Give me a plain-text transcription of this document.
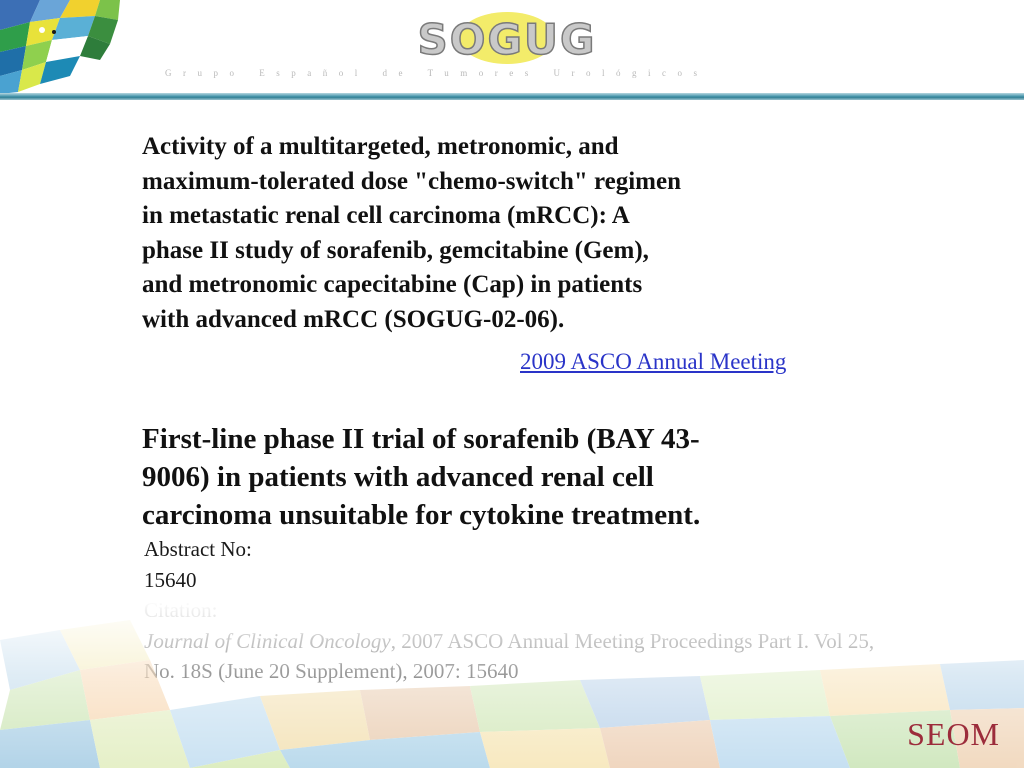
SOGUG
Grupo Español de Tumores Urológicos
Activity of a multitargeted, metronomic, and
maximum-tolerated dose "chemo-switch" regimen
in metastatic renal cell carcinoma (mRCC): A
phase II study of sorafenib, gemcitabine (Gem),
and metronomic capecitabine (Cap) in patients
with advanced mRCC (SOGUG-02-06).
2009 ASCO Annual Meeting
First-line phase II trial of sorafenib (BAY 43-
9006) in patients with advanced renal cell
carcinoma unsuitable for cytokine treatment.
Abstract No:
15640
SEOM
